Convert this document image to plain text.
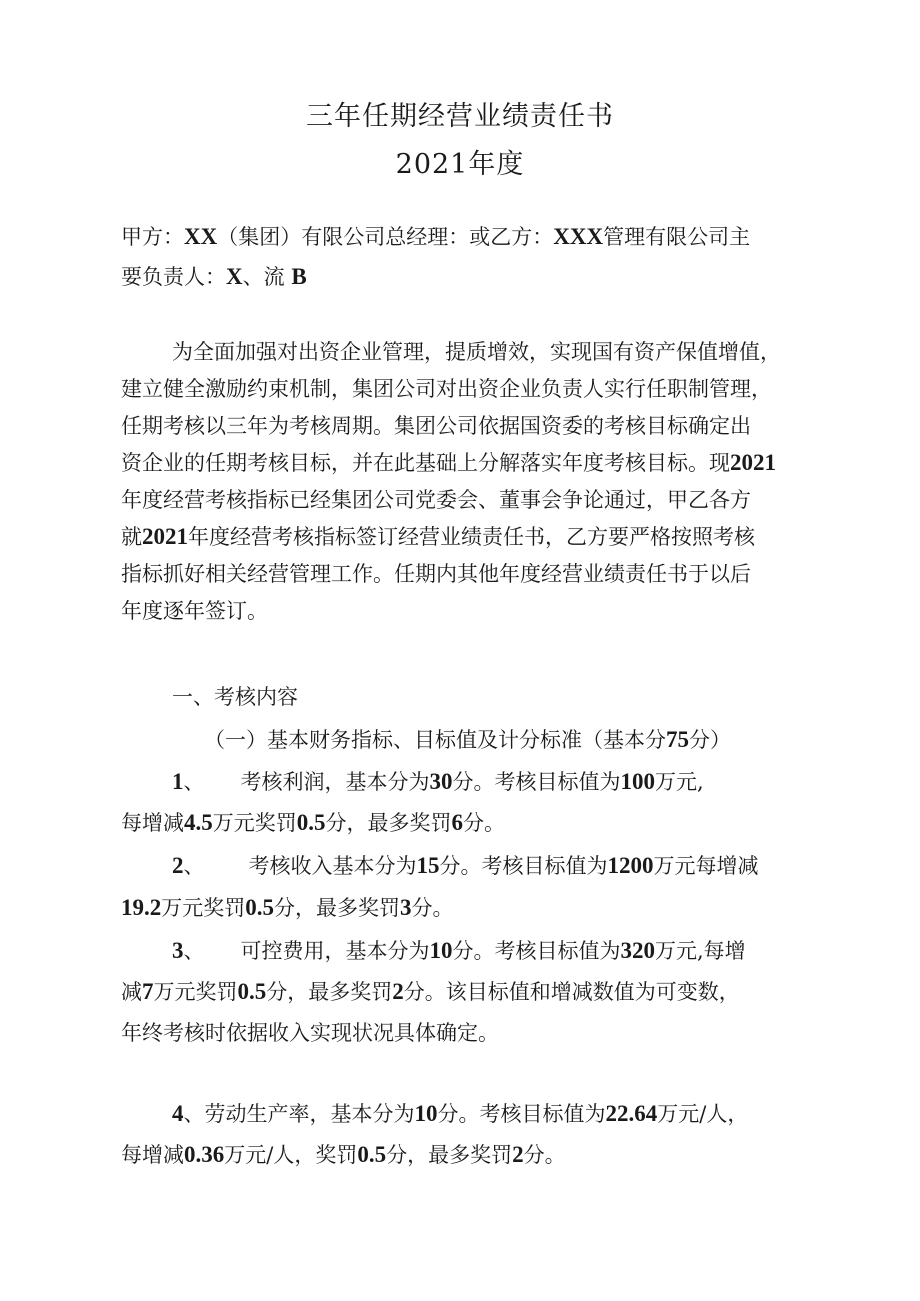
三年任期经营业绩责任书
2021年度

甲方：XX（集团）有限公司总经理：或乙方：XXX管理有限公司主

要负责人：X、流 B

为全面加强对出资企业管理，提质增效，实现国有资产保值增值，

建立健全激励约束机制，集团公司对出资企业负责人实行任职制管理，

任期考核以三年为考核周期。集团公司依据国资委的考核目标确定出

资企业的任期考核目标，并在此基础上分解落实年度考核目标。现2021

年度经营考核指标已经集团公司党委会、董事会争论通过，甲乙各方

就2021年度经营考核指标签订经营业绩责任书，乙方要严格按照考核

指标抓好相关经营管理工作。任期内其他年度经营业绩责任书于以后

年度逐年签订。

一、考核内容

（一）基本财务指标、目标值及计分标准（基本分75分）

1、 考核利润，基本分为30分。考核目标值为100万元,

每增减4.5万元奖罚0.5分，最多奖罚6分。

2、 考核收入基本分为15分。考核目标值为1200万元每增减

19.2万元奖罚0.5分，最多奖罚3分。

3、 可控费用，基本分为10分。考核目标值为320万元,每增

减7万元奖罚0.5分，最多奖罚2分。该目标值和增减数值为可变数，

年终考核时依据收入实现状况具体确定。

4、劳动生产率，基本分为10分。考核目标值为22.64万元/人，

每增减0.36万元/人，奖罚0.5分，最多奖罚2分。
